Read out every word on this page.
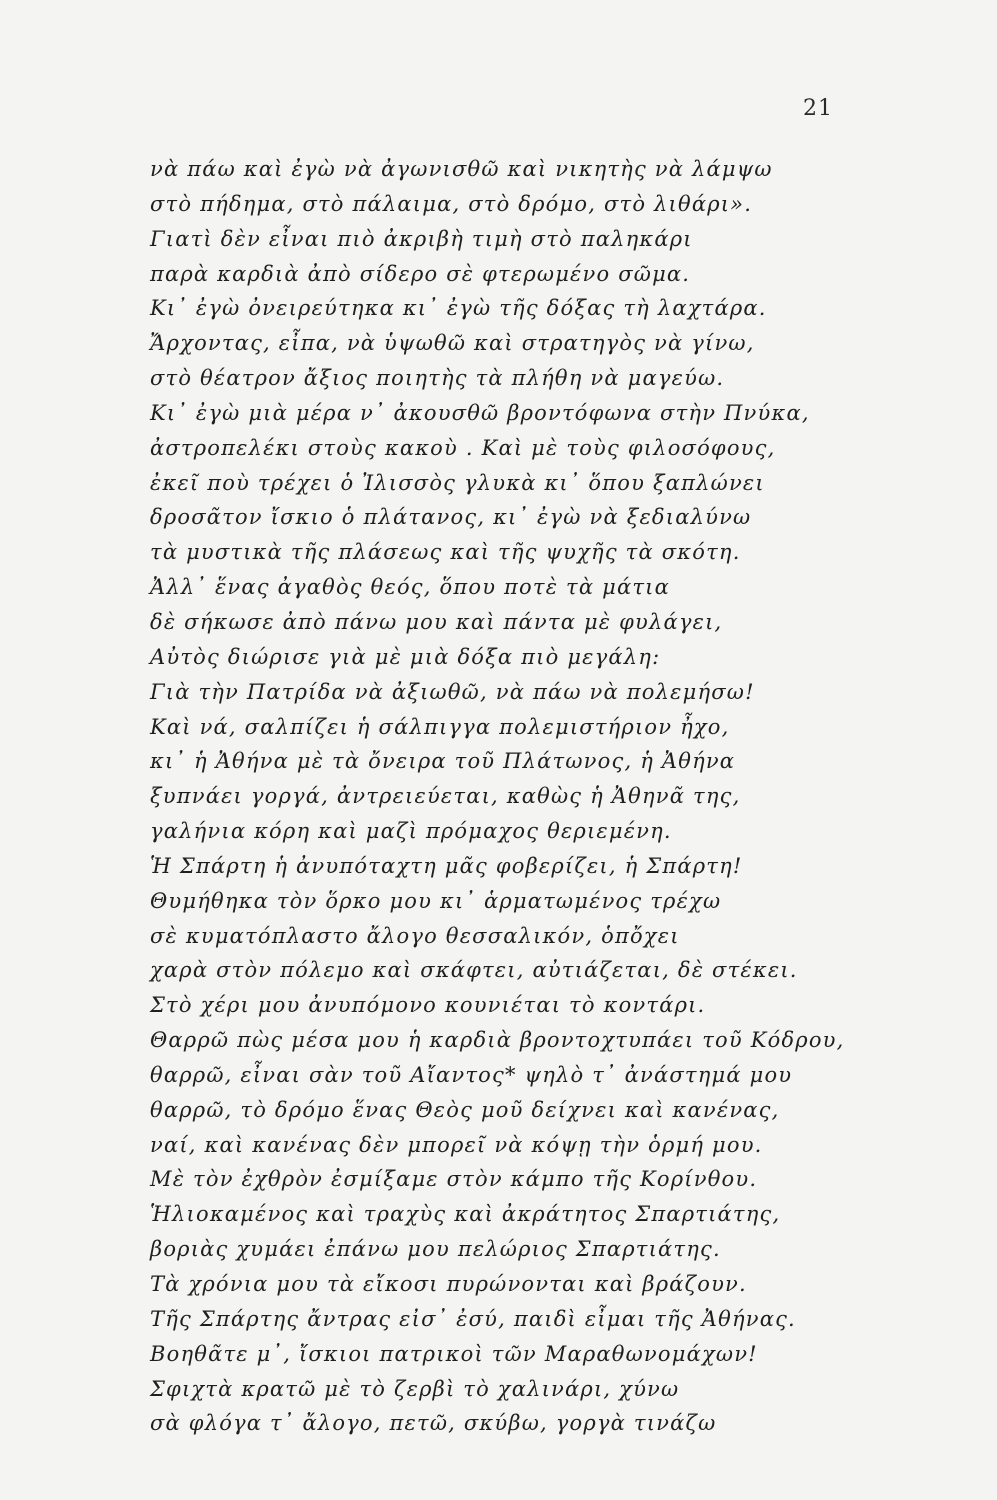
21
νὰ πάω καὶ ἐγὼ νὰ ἀγωνισθῶ καὶ νικητὴς νὰ λάμψω
στὸ πήδημα, στὸ πάλαιμα, στὸ δρόμο, στὸ λιθάρι».
Γιατὶ δὲν εἶναι πιὸ ἀκριβὴ τιμὴ στὸ παληκάρι
παρὰ καρδιὰ ἀπὸ σίδερο σὲ φτερωμένο σῶμα.
Κι᾽ ἐγὼ ὀνειρεύτηκα κι᾽ ἐγὼ τῆς δόξας τὴ λαχτάρα.
Ἄρχοντας, εἶπα, νὰ ὑψωθῶ καὶ στρατηγὸς νὰ γίνω,
στὸ θέατρον ἄξιος ποιητὴς τὰ πλήθη νὰ μαγεύω.
Κι᾽ ἐγὼ μιὰ μέρα ν᾽ ἀκουσθῶ βροντόφωνα στὴν Πνύκα,
ἀστροπελέκι στοὺς κακοὺ . Καὶ μὲ τοὺς φιλοσόφους,
ἐκεῖ ποὺ τρέχει ὁ Ἰλισσὸς γλυκὰ κι᾽ ὅπου ξαπλώνει
δροσᾶτον ἴσκιο ὁ πλάτανος, κι᾽ ἐγὼ νὰ ξεδιαλύνω
τὰ μυστικὰ τῆς πλάσεως καὶ τῆς ψυχῆς τὰ σκότη.
Ἀλλ᾽ ἕνας ἀγαθὸς θεός, ὅπου ποτὲ τὰ μάτια
δὲ σήκωσε ἀπὸ πάνω μου καὶ πάντα μὲ φυλάγει,
Αὐτὸς διώρισε γιὰ μὲ μιὰ δόξα πιὸ μεγάλη:
Γιὰ τὴν Πατρίδα νὰ ἀξιωθῶ, νὰ πάω νὰ πολεμήσω!
Καὶ νά, σαλπίζει ἡ σάλπιγγα πολεμιστήριον ἦχο,
κι᾽ ἡ Ἀθήνα μὲ τὰ ὄνειρα τοῦ Πλάτωνος, ἡ Ἀθήνα
ξυπνάει γοργά, ἀντρειεύεται, καθὼς ἡ Ἀθηνᾶ της,
γαλήνια κόρη καὶ μαζὶ πρόμαχος θεριεμένη.
Ἡ Σπάρτη ἡ ἀνυπόταχτη μᾶς φοβερίζει, ἡ Σπάρτη!
Θυμήθηκα τὸν ὅρκο μου κι᾽ ἁρματωμένος τρέχω
σὲ κυματόπλαστο ἄλογο θεσσαλικόν, ὁπὄχει
χαρὰ στὸν πόλεμο καὶ σκάφτει, αὐτιάζεται, δὲ στέκει.
Στὸ χέρι μου ἀνυπόμονο κουνιέται τὸ κοντάρι.
Θαρρῶ πὼς μέσα μου ἡ καρδιὰ βροντοχτυπάει τοῦ Κόδρου,
θαρρῶ, εἶναι σὰν τοῦ Αἴαντος* ψηλὸ τ᾽ ἀνάστημά μου
θαρρῶ, τὸ δρόμο ἕνας Θεὸς μοῦ δείχνει καὶ κανένας,
ναί, καὶ κανένας δὲν μπορεῖ νὰ κόψῃ τὴν ὁρμή μου.
Μὲ τὸν ἐχθρὸν ἐσμίξαμε στὸν κάμπο τῆς Κορίνθου.
Ἡλιοκαμένος καὶ τραχὺς καὶ ἀκράτητος Σπαρτιάτης,
βοριὰς χυμάει ἐπάνω μου πελώριος Σπαρτιάτης.
Τὰ χρόνια μου τὰ εἴκοσι πυρώνονται καὶ βράζουν.
Τῆς Σπάρτης ἄντρας εἰσ᾽ ἐσύ, παιδὶ εἶμαι τῆς Ἀθήνας.
Βοηθᾶτε μ᾽, ἴσκιοι πατρικοὶ τῶν Μαραθωνομάχων!
Σφιχτὰ κρατῶ μὲ τὸ ζερβὶ τὸ χαλινάρι, χύνω
σὰ φλόγα τ᾽ ἄλογο, πετῶ, σκύβω, γοργὰ τινάζω
